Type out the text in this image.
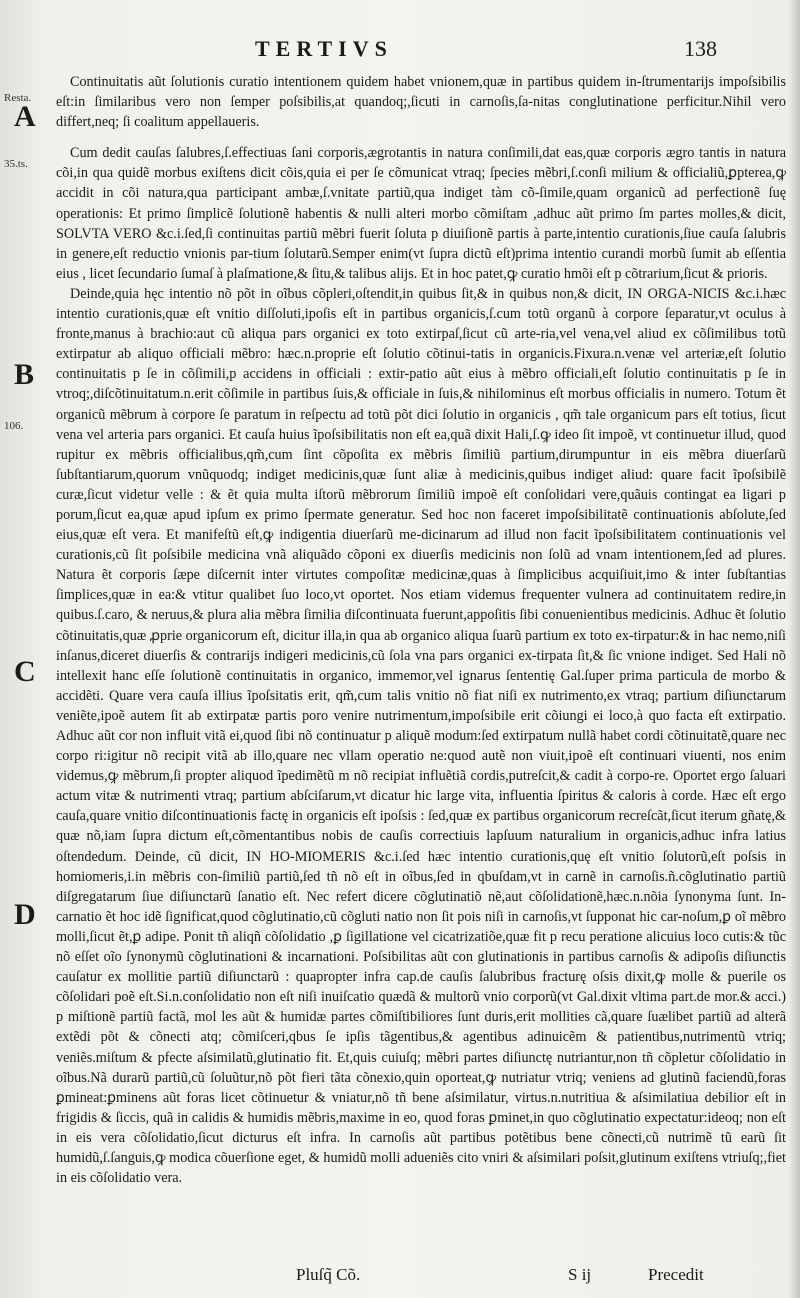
TERTIVS	138
Resta.
A
35.ts.
B
106.
C
D

Continuitatis aũt ſolutionis curatio intentionem quidem habet vnionem,quæ in partibus quidem in-ſtrumentarijs impoſsibilis eſt:in ſimilaribus vero non ſemper poſsibilis,at quandoq;,ſicuti in carnoſis,ſa-nitas conglutinatione perficitur.Nihil vero differt,neq; ſi coalitum appellaueris.

Cum dedit cauſas ſalubres,ſ.effectiuas ſani corporis,ægrotantis in natura conſimili,dat eas,quæ corporis ægro tantis in natura cõi,in qua quidẽ morbus exiſtens dicit cõis,quia ei per ſe cõmunicat vtraq; ſpecies mẽbri,ſ.conſi milium & officialiũ,ꝑpterea,ꝙ accidit in cõi natura,qua participant ambæ,ſ.vnitate partiũ,qua indiget tàm cõ-ſimile,quam organicũ ad perfectionẽ ſuę operationis: Et primo ſimplicẽ ſolutionẽ habentis & nulli alteri morbo cõmiſtam ,adhuc aũt primo ſm partes molles,& dicit, SOLVTA VERO &c.i.ſed,ſi continuitas partiũ mẽbri fuerit ſoluta p diuiſionẽ partis à parte,intentio curationis,ſiue cauſa ſalubris in genere,eſt reductio vnionis par-tium ſolutarũ.Semper enim(vt ſupra dictũ eſt)prima intentio curandi morbũ ſumit ab eſſentia eius , licet ſecundario ſumaſ à plaſmatione,& ſitu,& talibus alijs. Et in hoc patet,ꝙ curatio hmõi eſt p cõtrarium,ſicut & prioris.

Deinde,quia hęc intentio nõ põt in oĩbus cõpleri,oſtendit,in quibus ſit,& in quibus non,& dicit, IN ORGA-NICIS &c.i.hæc intentio curationis,quæ eſt vnitio diſſoluti,ipoſis eſt in partibus organicis,ſ.cum totũ organũ à corpore ſeparatur,vt oculus à fronte,manus à brachio:aut cũ aliqua pars organici ex toto extirpaſ,ſicut cũ arte-ria,vel vena,vel aliud ex cõſimilibus totũ extirpatur ab aliquo officiali mẽbro: hæc.n.proprie eſt ſolutio cõtinui-tatis in organicis.Fixura.n.venæ vel arteriæ,eſt ſolutio continuitatis p ſe in cõſimili,p accidens in officiali : extir-patio aũt eius à mẽbro officiali,eſt ſolutio continuitatis p ſe in vtroq;,diſcõtinuitatum.n.erit cõſimile in partibus ſuis,& officiale in ſuis,& nihilominus eſt morbus officialis in numero. Totum ẽt organicũ mẽbrum à corpore ſe paratum in reſpectu ad totũ põt dici ſolutio in organicis , qm̃ tale organicum pars eſt totius, ſicut vena vel arteria pars organici. Et cauſa huius ĩpoſsibilitatis non eſt ea,quã dixit Hali,ſ.ꝙ ideo ſit impoẽ, vt continuetur illud, quod rupitur ex mẽbris officialibus,qm̃,cum ſint cõpoſita ex mẽbris ſimiliũ partium,dirumpuntur in eis mẽbra diuerſarũ ſubſtantiarum,quorum vnũquodq; indiget medicinis,quæ ſunt aliæ à medicinis,quibus indiget aliud: quare facit ĩpoſsibilẽ curæ,ſicut videtur velle : & ẽt quia multa iſtorũ mẽbrorum ſimiliũ impoẽ eſt conſolidari vere,quãuis contingat ea ligari p porum,ſicut ea,quæ apud ipſum ex primo ſpermate generatur. Sed hoc non faceret impoſsibilitatẽ continuationis abſolute,ſed eius,quæ eſt vera. Et manifeſtũ eſt,ꝙ indigentia diuerſarũ me-dicinarum ad illud non facit ĩpoſsibilitatem continuationis vel curationis,cũ ſit poſsibile medicina vnã aliquãdo cõponi ex diuerſis medicinis non ſolũ ad vnam intentionem,ſed ad plures. Natura ẽt corporis ſæpe diſcernit inter virtutes compoſitæ medicinæ,quas à ſimplicibus acquiſiuit,imo & inter ſubſtantias ſimplices,quæ in ea:& vtitur qualibet ſuo loco,vt oportet. Nos etiam videmus frequenter vulnera ad continuitatem redire,in quibus.ſ.caro, & neruus,& plura alia mẽbra ſimilia diſcontinuata fuerunt,appoſitis ſibi conuenientibus medicinis. Adhuc ẽt ſolutio cõtinuitatis,quæ ꝓprie organicorum eſt, dicitur illa,in qua ab organico aliqua ſuarũ partium ex toto ex-tirpatur:& in hac nemo,niſi inſanus,diceret diuerſis & contrarijs indigeri medicinis,cũ ſola vna pars organici ex-tirpata ſit,& ſic vnione indiget. Sed Hali nõ intellexit hanc eſſe ſolutionẽ continuitatis in organico, immemor,vel ignarus ſententię Gal.ſuper prima particula de morbo & accidẽti. Quare vera cauſa illius ĩpoſsitatis erit, qm̃,cum talis vnitio nõ fiat niſi ex nutrimento,ex vtraq; partium diſiunctarum veniẽte,ipoẽ autem ſit ab extirpatæ partis poro venire nutrimentum,impoſsibile erit cõiungi ei loco,à quo facta eſt extirpatio. Adhuc aũt cor non influit vitã ei,quod ſibi nõ continuatur p aliquẽ modum:ſed extirpatum nullã habet cordi cõtinuitatẽ,quare nec corpo ri:igitur nõ recipit vitã ab illo,quare nec vllam operatio ne:quod autẽ non viuit,ipoẽ eſt continuari viuenti, nos enim videmus,ꝙ mẽbrum,ſi propter aliquod ĩpedimẽtũ m nõ recipiat influẽtiã cordis,putreſcit,& cadit à corpo-re. Oportet ergo ſaluari actum vitæ & nutrimenti vtraq; partium abſciſarum,vt dicatur hic large vita, influentia ſpiritus & caloris à corde. Hæc eſt ergo cauſa,quare vnitio diſcontinuationis factę in organicis eſt ipoſsis : ſed,quæ ex partibus organicorum recreſcãt,ſicut iterum gñatę,& quæ nõ,iam ſupra dictum eſt,cõmentantibus nobis de cauſis correctiuis lapſuum naturalium in organicis,adhuc infra latius oſtendedum. Deinde, cũ dicit, IN HO-MIOMERIS &c.i.ſed hæc intentio curationis,quę eſt vnitio ſolutorũ,eſt poſsis in homiomeris,i.in mẽbris con-ſimiliũ partiũ,ſed tñ nõ eſt in oĩbus,ſed in qbuſdam,vt in carnẽ in carnoſis.ñ.cõglutinatio partiũ diſgregatarum ſiue diſiunctarũ ſanatio eſt. Nec refert dicere cõglutinatiõ nẽ,aut cõſolidationẽ,hæc.n.nõia ſynonyma ſunt. In-carnatio ẽt hoc idẽ ſignificat,quod cõglutinatio,cũ cõgluti natio non ſit pois niſi in carnoſis,vt ſupponat hic car-noſum,ꝑ oĩ mẽbro molli,ſicut ẽt,ꝑ adipe. Ponit tñ aliqñ cõſolidatio ,ꝑ ſigillatione vel cicatrizatiõe,quæ fit p recu peratione alicuius loco cutis:& tũc nõ eſſet oĩo ſynonymũ cõglutinationi & incarnationi. Poſsibilitas aũt con glutinationis in partibus carnoſis & adipoſis diſiunctis cauſatur ex mollitie partiũ diſiunctarũ : quapropter infra cap.de cauſis ſalubribus fracturę oſsis dixit,ꝙ molle & puerile os cõſolidari poẽ eſt.Si.n.conſolidatio non eſt niſi inuiſcatio quædã & multorũ vnio corporũ(vt Gal.dixit vltima part.de mor.& acci.) p miſtionẽ partiũ factã, mol les aũt & humidæ partes cõmiſtibiliores ſunt duris,erit mollities cã,quare ſuælibet partiũ ad alterã extẽdi põt & cõnecti atq; cõmiſceri,qbus ſe ipſis tãgentibus,& agentibus adinuicẽm & patientibus,nutrimentũ vtriq; veniẽs.miſtum & pfecte aſsimilatũ,glutinatio fit. Et,quis cuiuſq; mẽbri partes diſiunctę nutriantur,non tñ cõpletur cõſolidatio in oĩbus.Nã durarũ partiũ,cũ ſoluũtur,nõ põt fieri tãta cõnexio,quin oporteat,ꝙ nutriatur vtriq; veniens ad glutinũ faciendũ,foras ꝑmineat:ꝑminens aũt foras licet cõtinuetur & vniatur,nõ tñ bene aſsimilatur, virtus.n.nutritiua & aſsimilatiua debilior eſt in frigidis & ſiccis, quã in calidis & humidis mẽbris,maxime in eo, quod foras ꝑminet,in quo cõglutinatio expectatur:ideoq; non eſt in eis vera cõſolidatio,ſicut dicturus eſt infra. In carnoſis aũt partibus potẽtibus bene cõnecti,cũ nutrimẽ tũ earũ ſit humidũ,ſ.ſanguis,ꝙ modica cõuerſione eget, & humidũ molli adueniẽs cito vniri & aſsimilari poſsit,glutinum exiſtens vtriuſq;,fiet in eis cõſolidatio vera.

Pluſq̃ Cõ.	S ij	Precedit
